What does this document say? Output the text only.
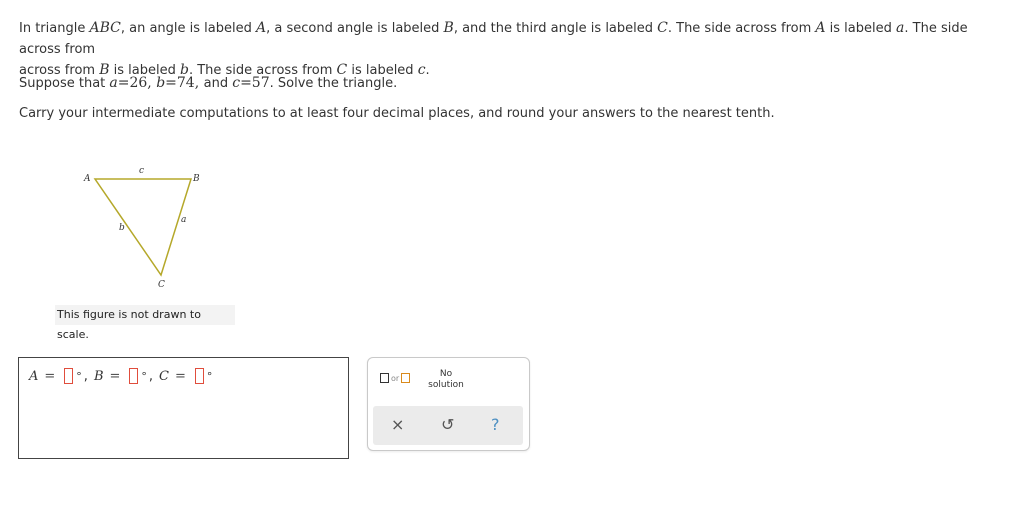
In triangle ABC, an angle is labeled A, a second angle is labeled B, and the third angle is labeled C. The side across from A is labeled a. The side across from
across from B is labeled b. The side across from C is labeled c.
Suppose that a=26, b=74, and c=57. Solve the triangle.
Carry your intermediate computations to at least four decimal places, and round your answers to the nearest tenth.
A	B
C
c
b
a
This figure is not drawn to scale.
A = ° , B = ° , C = °	or	No
solution
× ↺ ?
